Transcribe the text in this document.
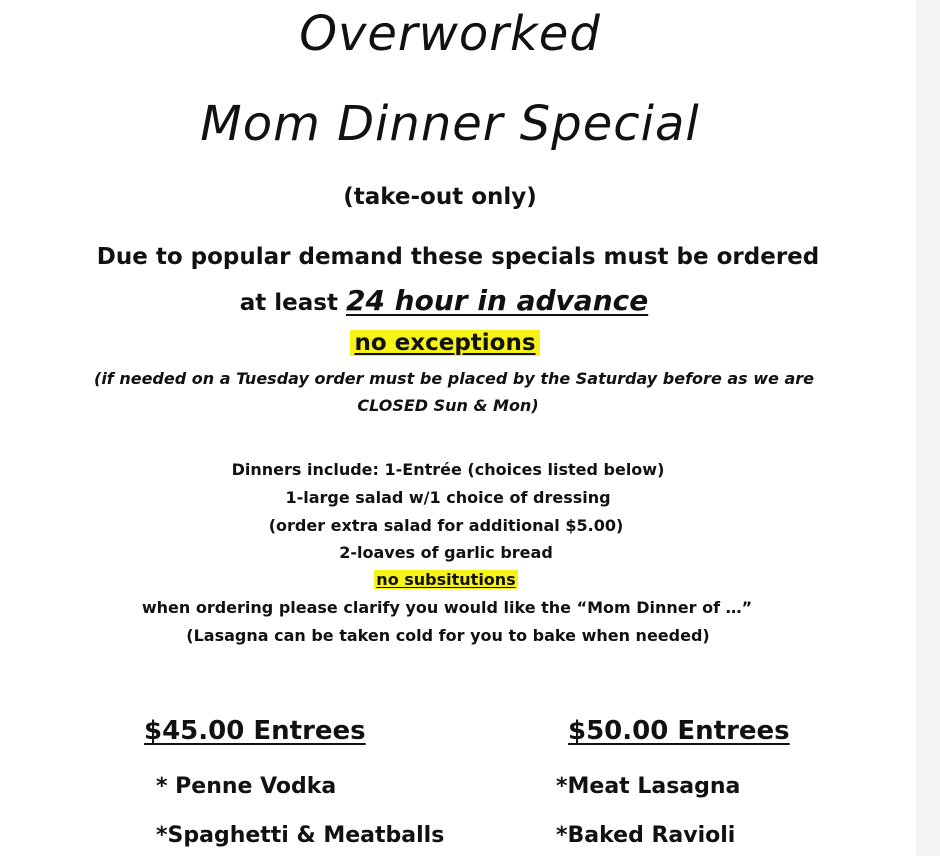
Overworked
Mom Dinner Special
(take-out only)
Due to popular demand these specials must be ordered
at least 24 hour in advance
no exceptions
(if needed on a Tuesday order must be placed by the Saturday before as we are
CLOSED Sun & Mon)
Dinners include: 1-Entrée (choices listed below)
1-large salad w/1 choice of dressing
(order extra salad for additional $5.00)
2-loaves of garlic bread
no subsitutions
when ordering please clarify you would like the “Mom Dinner of …”
(Lasagna can be taken cold for you to bake when needed)
$45.00 Entrees	$50.00 Entrees
* Penne Vodka
*Spaghetti & Meatballs
*Meat Lasagna
*Baked Ravioli
